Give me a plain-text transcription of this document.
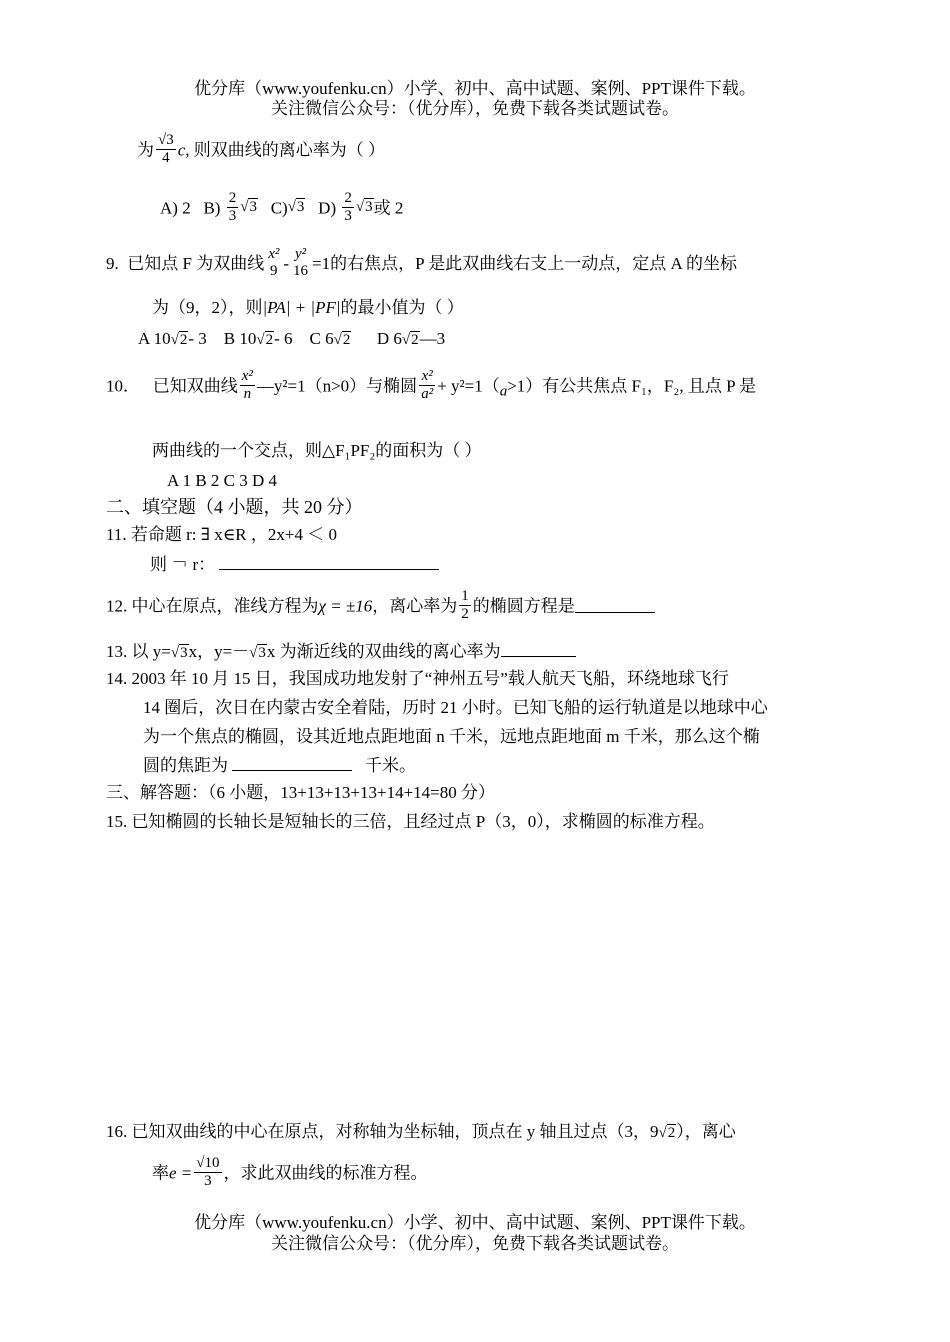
优分库（www.youfenku.cn）小学、初中、高中试题、案例、PPT课件下载。
关注微信公众号：（优分库），免费下载各类试题试卷。
为 $\frac{√3}{4} c$, 则双曲线的离心率为（ ）
A) 2 $B) \frac{2}{3} √3$ C)√3 $D) \frac{2}{3} √3$或 2
9. 已知点 F 为双曲线 x²
9 - y²
16 =1的右焦点，P 是此双曲线右支上一动点，定点 A 的坐标
为（9，2），则|PA| + |PF|的最小值为（ ）
A 10√2- 3 B 10√2- 6 C 6√2 D 6√2—3
10． 已知双曲线 $\frac{\text{x²}}{n}$ —y²=1（n>0）与椭圆 $\frac{\text{x²}}{\text{a²}} + y^2=1(a>1)$有公共焦点 F₁，F₂, 且点 P 是
两曲线的一个交点，则△F₁PF₂的面积为（ ）
A 1 B 2 C 3 D 4
二、填空题（4 小题，共 20 分）
11. 若命题 r: ∃ x∈R ，2x+4 ＜ 0
则 ￢ r：
12. 中心在原点，准线方程为χ = ±16，离心率为 $\frac{1}{2}$ 的椭圆方程是
13. 以 y=√3x，y=－√3x 为渐近线的双曲线的离心率为
14. 2003 年 10 月 15 日，我国成功地发射了“神州五号”载人航天飞船，环绕地球飞行
14 圈后，次日在内蒙古安全着陆，历时 21 小时。已知飞船的运行轨道是以地球中心
为一个焦点的椭圆，设其近地点距地面 n 千米，远地点距地面 m 千米，那么这个椭
圆的焦距为	千米。
三、解答题：（6 小题，13+13+13+13+14+14=80 分）
15. 已知椭圆的长轴长是短轴长的三倍，且经过点 P（3，0），求椭圆的标准方程。
16. 已知双曲线的中心在原点，对称轴为坐标轴，顶点在 y 轴且过点（3，9√2），离心
率$e = \frac{√10}{3}$ ，求此双曲线的标准方程。
优分库（www.youfenku.cn）小学、初中、高中试题、案例、PPT课件下载。
关注微信公众号：（优分库），免费下载各类试题试卷。
